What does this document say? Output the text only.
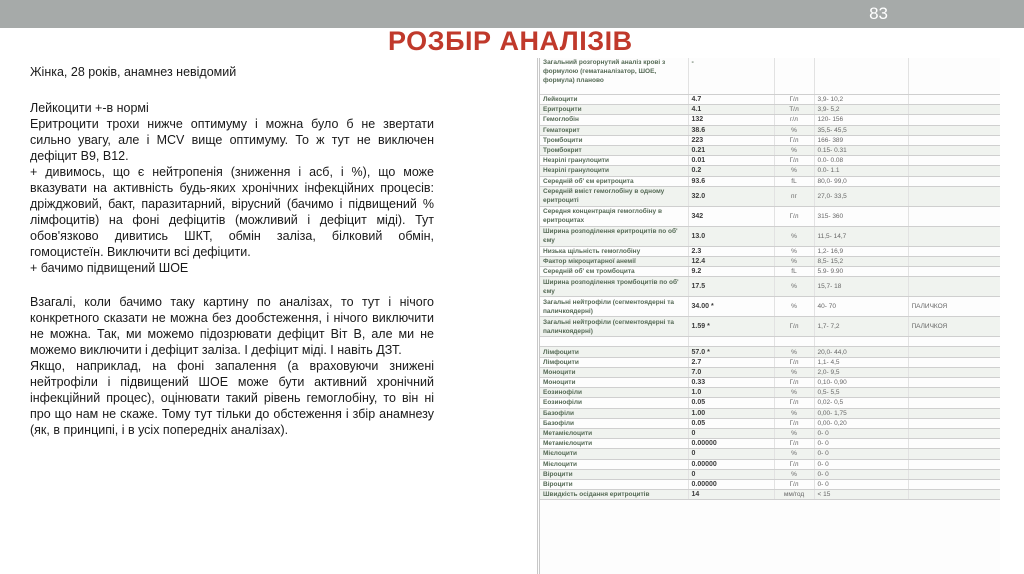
83
РОЗБІР АНАЛІЗІВ

Жінка, 28 років, анамнез невідомий

Лейкоцити +-в нормі

Еритроцити трохи нижче оптимуму і можна було б не звертати сильно увагу, але і MCV вище оптимуму. То ж тут не виключен дефіцит В9, В12.

+ дивимось, що є нейтропенія (зниження і асб, і %), що може вказувати на активність будь-яких хронічних інфекційних процесів: дріжджовий, бакт, паразитарний, вірусний (бачимо і підвищений % лімфоцитів) на фоні дефіцитів (можливий і дефіцит міді). Тут обов'язково дивитись ШКТ, обмін заліза, білковий обмін, гомоцистеїн. Виключити всі дефіцити.

+ бачимо підвищений ШОЕ

Взагалі, коли бачимо таку картину по аналізах, то тут і нічого конкретного сказати не можна без дообстеження, і нічого виключити не можна. Так, ми можемо підозрювати дефіцит Віт В, але ми не можемо виключити і дефіцит заліза. І дефіцит міді. І навіть ДЗТ.

Якщо, наприклад, на фоні запалення (а враховуючи знижені нейтрофіли і підвищений ШОЕ може бути активний хронічний інфекційний процес), оцінювати такий рівень гемоглобіну, то він ні про що нам не скаже. Тому тут тільки до обстеження і збір анамнезу (як, в принципі, і в усіх попередніх аналізах).

Загальний розгорнутий аналіз крові з формулою (гематаналізатор, ШОЕ, формула) планово	-			
Лейкоцити	4.7	Г/л	3,9- 10,2	
Еритроцити	4.1	Т/л	3,9- 5,2	
Гемоглобін	132	г/л	120- 156	
Гематокрит	38.6	%	35,5- 45,5	
Тромбоцити	223	Г/л	166- 389	
Тромбокрит	0.21	%	0.15- 0.31	
Незрілі гранулоцити	0.01	Г/л	0.0- 0.08	
Незрілі гранулоцити	0.2	%	0.0- 1.1	
Середній об' єм еритроцита	93.6	fL	80,0- 99,0	
Середній вміст гемоглобіну в одному еритроциті	32.0	пг	27,0- 33,5	
Середня концентрація гемоглобіну в еритроцитах	342	Г/л	315- 360	
Ширина розподілення еритроцитів по об' єму	13.0	%	11,5- 14,7	
Низька щільність гемоглобіну	2.3	%	1,2- 16,9	
Фактор мікроцитарної анемії	12.4	%	8,5- 15,2	
Середній об' єм тромбоцита	9.2	fL	5.9- 9.90	
Ширина розподілення тромбоцитів по об' єму	17.5	%	15,7- 18	
Загальні нейтрофіли (сегментоядерні та паличкоядерні)	34.00 *	%	40- 70	ПАЛИЧКОЯ
Загальні нейтрофіли (сегментоядерні та паличкоядерні)	1.59 *	Г/л	1,7- 7,2	ПАЛИЧКОЯ

Лімфоцити	57.0 *	%	20,0- 44,0	
Лімфоцити	2.7	Г/л	1,1- 4,5	
Моноцити	7.0	%	2,0- 9,5	
Моноцити	0.33	Г/л	0,10- 0,90	
Еозинофіли	1.0	%	0,5- 5,5	
Еозинофіли	0.05	Г/л	0,02- 0,5	
Базофіли	1.00	%	0,00- 1,75	
Базофіли	0.05	Г/л	0,00- 0,20	
Метамієлоцити	0	%	0- 0	
Метамієлоцити	0.00000	Г/л	0- 0	
Мієлоцити	0	%	0- 0	
Мієлоцити	0.00000	Г/л	0- 0	
Віроцити	0	%	0- 0	
Віроцити	0.00000	Г/л	0- 0	
Швидкість осідання еритроцитів	14	мм/год	< 15	
